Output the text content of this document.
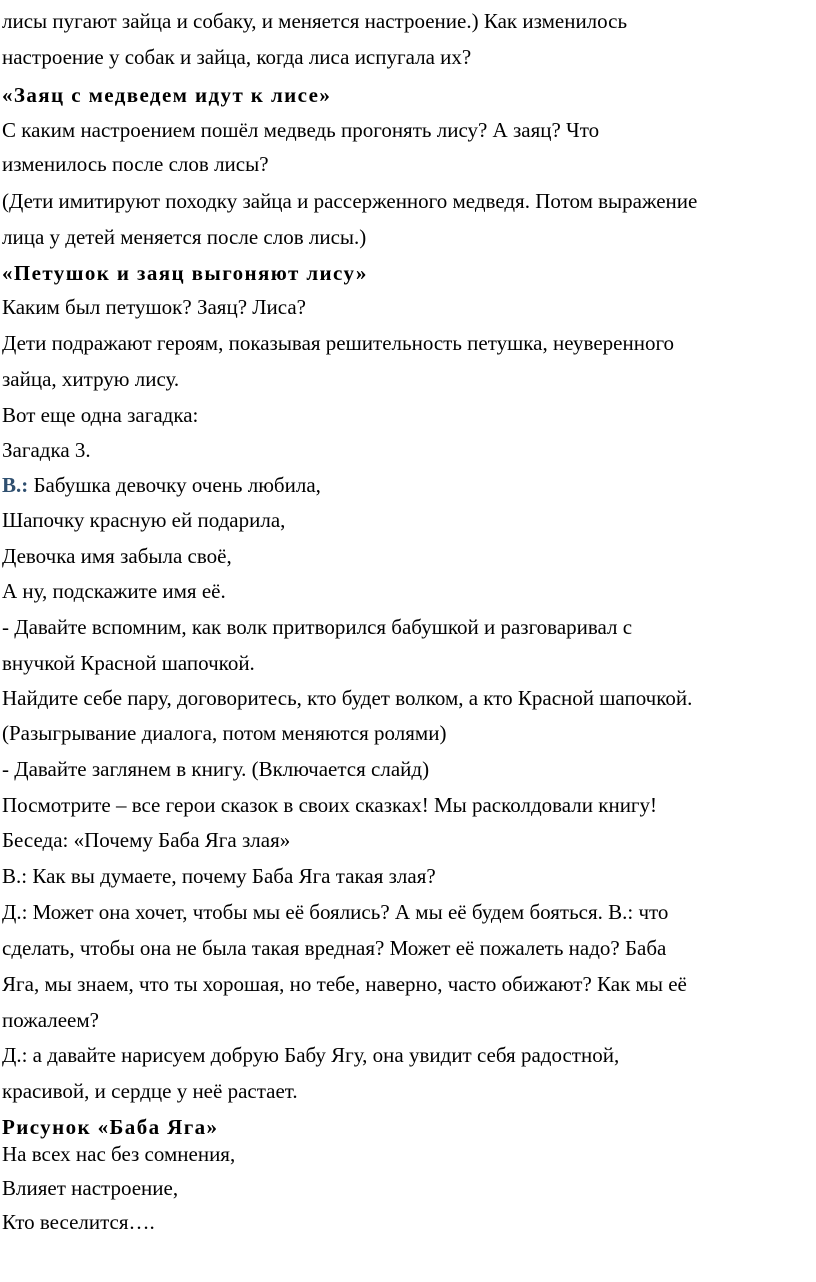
лисы пугают зайца и собаку, и меняется настроение.) Как изменилось
настроение у собак и зайца, когда лиса испугала их?
«Заяц с медведем идут к лисе»
С каким настроением пошёл медведь прогонять лису? А заяц? Что
изменилось после слов лисы?
(Дети имитируют походку зайца и рассерженного медведя. Потом выражение
лица у детей меняется после слов лисы.)
«Петушок и заяц выгоняют лису»
Каким был петушок? Заяц? Лиса?
Дети подражают героям, показывая решительность петушка, неуверенного
зайца, хитрую лису.
Вот еще одна загадка:
Загадка 3.
В.: Бабушка девочку очень любила,
Шапочку красную ей подарила,
Девочка имя забыла своё,
А ну, подскажите имя её.
- Давайте вспомним, как волк притворился бабушкой и разговаривал с
внучкой Красной шапочкой.
Найдите себе пару, договоритесь, кто будет волком, а кто Красной шапочкой.
(Разыгрывание диалога, потом меняются ролями)
- Давайте заглянем в книгу. (Включается слайд)
Посмотрите – все герои сказок в своих сказках! Мы расколдовали книгу!
Беседа: «Почему Баба Яга злая»
В.: Как вы думаете, почему Баба Яга такая злая?
Д.: Может она хочет, чтобы мы её боялись? А мы её будем бояться. В.: что
сделать, чтобы она не была такая вредная? Может её пожалеть надо? Баба
Яга, мы знаем, что ты хорошая, но тебе, наверно, часто обижают? Как мы её
пожалеем?
Д.: а давайте нарисуем добрую Бабу Ягу, она увидит себя радостной,
красивой, и сердце у неё растает.
Рисунок «Баба Яга»
На всех нас без сомнения,
Влияет настроение,
Кто веселится….
